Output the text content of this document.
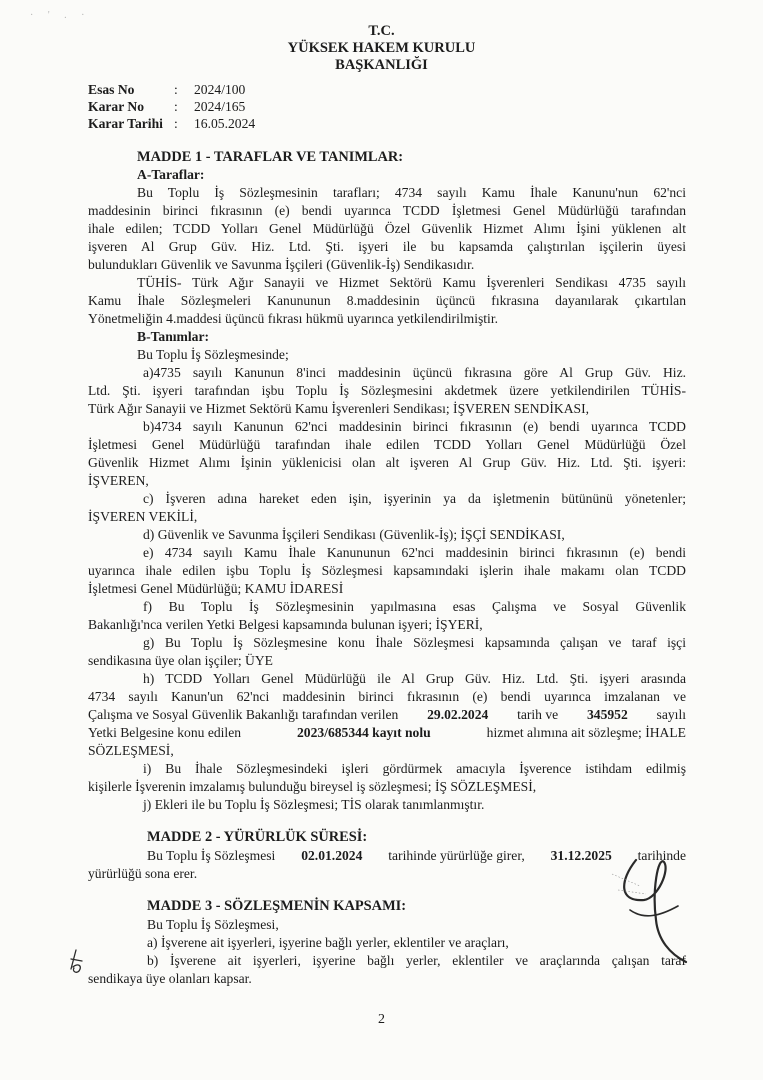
· ' . ·
T.C.
YÜKSEK HAKEM KURULU
BAŞKANLIĞI
Esas No	: 2024/100
Karar No : 2024/165
Karar Tarihi : 16.05.2024
MADDE 1 - TARAFLAR VE TANIMLAR:
A-Taraflar:
Bu Toplu İş Sözleşmesinin tarafları; 4734 sayılı Kamu İhale Kanunu'nun 62'nci
maddesinin birinci fıkrasının (e) bendi uyarınca TCDD İşletmesi Genel Müdürlüğü tarafından
ihale edilen; TCDD Yolları Genel Müdürlüğü Özel Güvenlik Hizmet Alımı İşini yüklenen alt
işveren Al Grup Güv. Hiz. Ltd. Şti. işyeri ile bu kapsamda çalıştırılan işçilerin üyesi
bulundukları Güvenlik ve Savunma İşçileri (Güvenlik-İş) Sendikasıdır.
TÜHİS- Türk Ağır Sanayii ve Hizmet Sektörü Kamu İşverenleri Sendikası 4735 sayılı
Kamu İhale Sözleşmeleri Kanununun 8.maddesinin üçüncü fıkrasına dayanılarak çıkartılan
Yönetmeliğin 4.maddesi üçüncü fıkrası hükmü uyarınca yetkilendirilmiştir.
B-Tanımlar:
Bu Toplu İş Sözleşmesinde;
a)4735 sayılı Kanunun 8'inci maddesinin üçüncü fıkrasına göre Al Grup Güv. Hiz.
Ltd. Şti. işyeri tarafından işbu Toplu İş Sözleşmesini akdetmek üzere yetkilendirilen TÜHİS-
Türk Ağır Sanayii ve Hizmet Sektörü Kamu İşverenleri Sendikası; İŞVEREN SENDİKASI,
b)4734 sayılı Kanunun 62'nci maddesinin birinci fıkrasının (e) bendi uyarınca TCDD
İşletmesi Genel Müdürlüğü tarafından ihale edilen TCDD Yolları Genel Müdürlüğü Özel
Güvenlik Hizmet Alımı İşinin yüklenicisi olan alt işveren Al Grup Güv. Hiz. Ltd. Şti. işyeri:
İŞVEREN,
c) İşveren adına hareket eden işin, işyerinin ya da işletmenin bütününü yönetenler;
İŞVEREN VEKİLİ,
d) Güvenlik ve Savunma İşçileri Sendikası (Güvenlik-İş); İŞÇİ SENDİKASI,
e) 4734 sayılı Kamu İhale Kanununun 62'nci maddesinin birinci fıkrasının (e) bendi
uyarınca ihale edilen işbu Toplu İş Sözleşmesi kapsamındaki işlerin ihale makamı olan TCDD
İşletmesi Genel Müdürlüğü; KAMU İDARESİ
f) Bu Toplu İş Sözleşmesinin yapılmasına esas Çalışma ve Sosyal Güvenlik
Bakanlığı'nca verilen Yetki Belgesi kapsamında bulunan işyeri; İŞYERİ,
g) Bu Toplu İş Sözleşmesine konu İhale Sözleşmesi kapsamında çalışan ve taraf işçi
sendikasına üye olan işçiler; ÜYE
h) TCDD Yolları Genel Müdürlüğü ile Al Grup Güv. Hiz. Ltd. Şti. işyeri arasında
4734 sayılı Kanun'un 62'nci maddesinin birinci fıkrasının (e) bendi uyarınca imzalanan ve
Çalışma ve Sosyal Güvenlik Bakanlığı tarafından verilen 29.02.2024 tarih ve 345952 sayılı
Yetki Belgesine konu edilen	2023/685344 kayıt nolu	hizmet alımına ait sözleşme; İHALE
SÖZLEŞMESİ,
i) Bu İhale Sözleşmesindeki işleri gördürmek amacıyla İşverence istihdam edilmiş
kişilerle İşverenin imzalamış bulunduğu bireysel iş sözleşmesi; İŞ SÖZLEŞMESİ,
j) Ekleri ile bu Toplu İş Sözleşmesi; TİS olarak tanımlanmıştır.
MADDE 2 - YÜRÜRLÜK SÜRESİ:
Bu Toplu İş Sözleşmesi 02.01.2024 tarihinde yürürlüğe girer, 31.12.2025 tarihinde
yürürlüğü sona erer.
MADDE 3 - SÖZLEŞMENİN KAPSAMI:
Bu Toplu İş Sözleşmesi,
a) İşverene ait işyerleri, işyerine bağlı yerler, eklentiler ve araçları,
b) İşverene ait işyerleri, işyerine bağlı yerler, eklentiler ve araçlarında çalışan taraf
sendikaya üye olanları kapsar.
2
